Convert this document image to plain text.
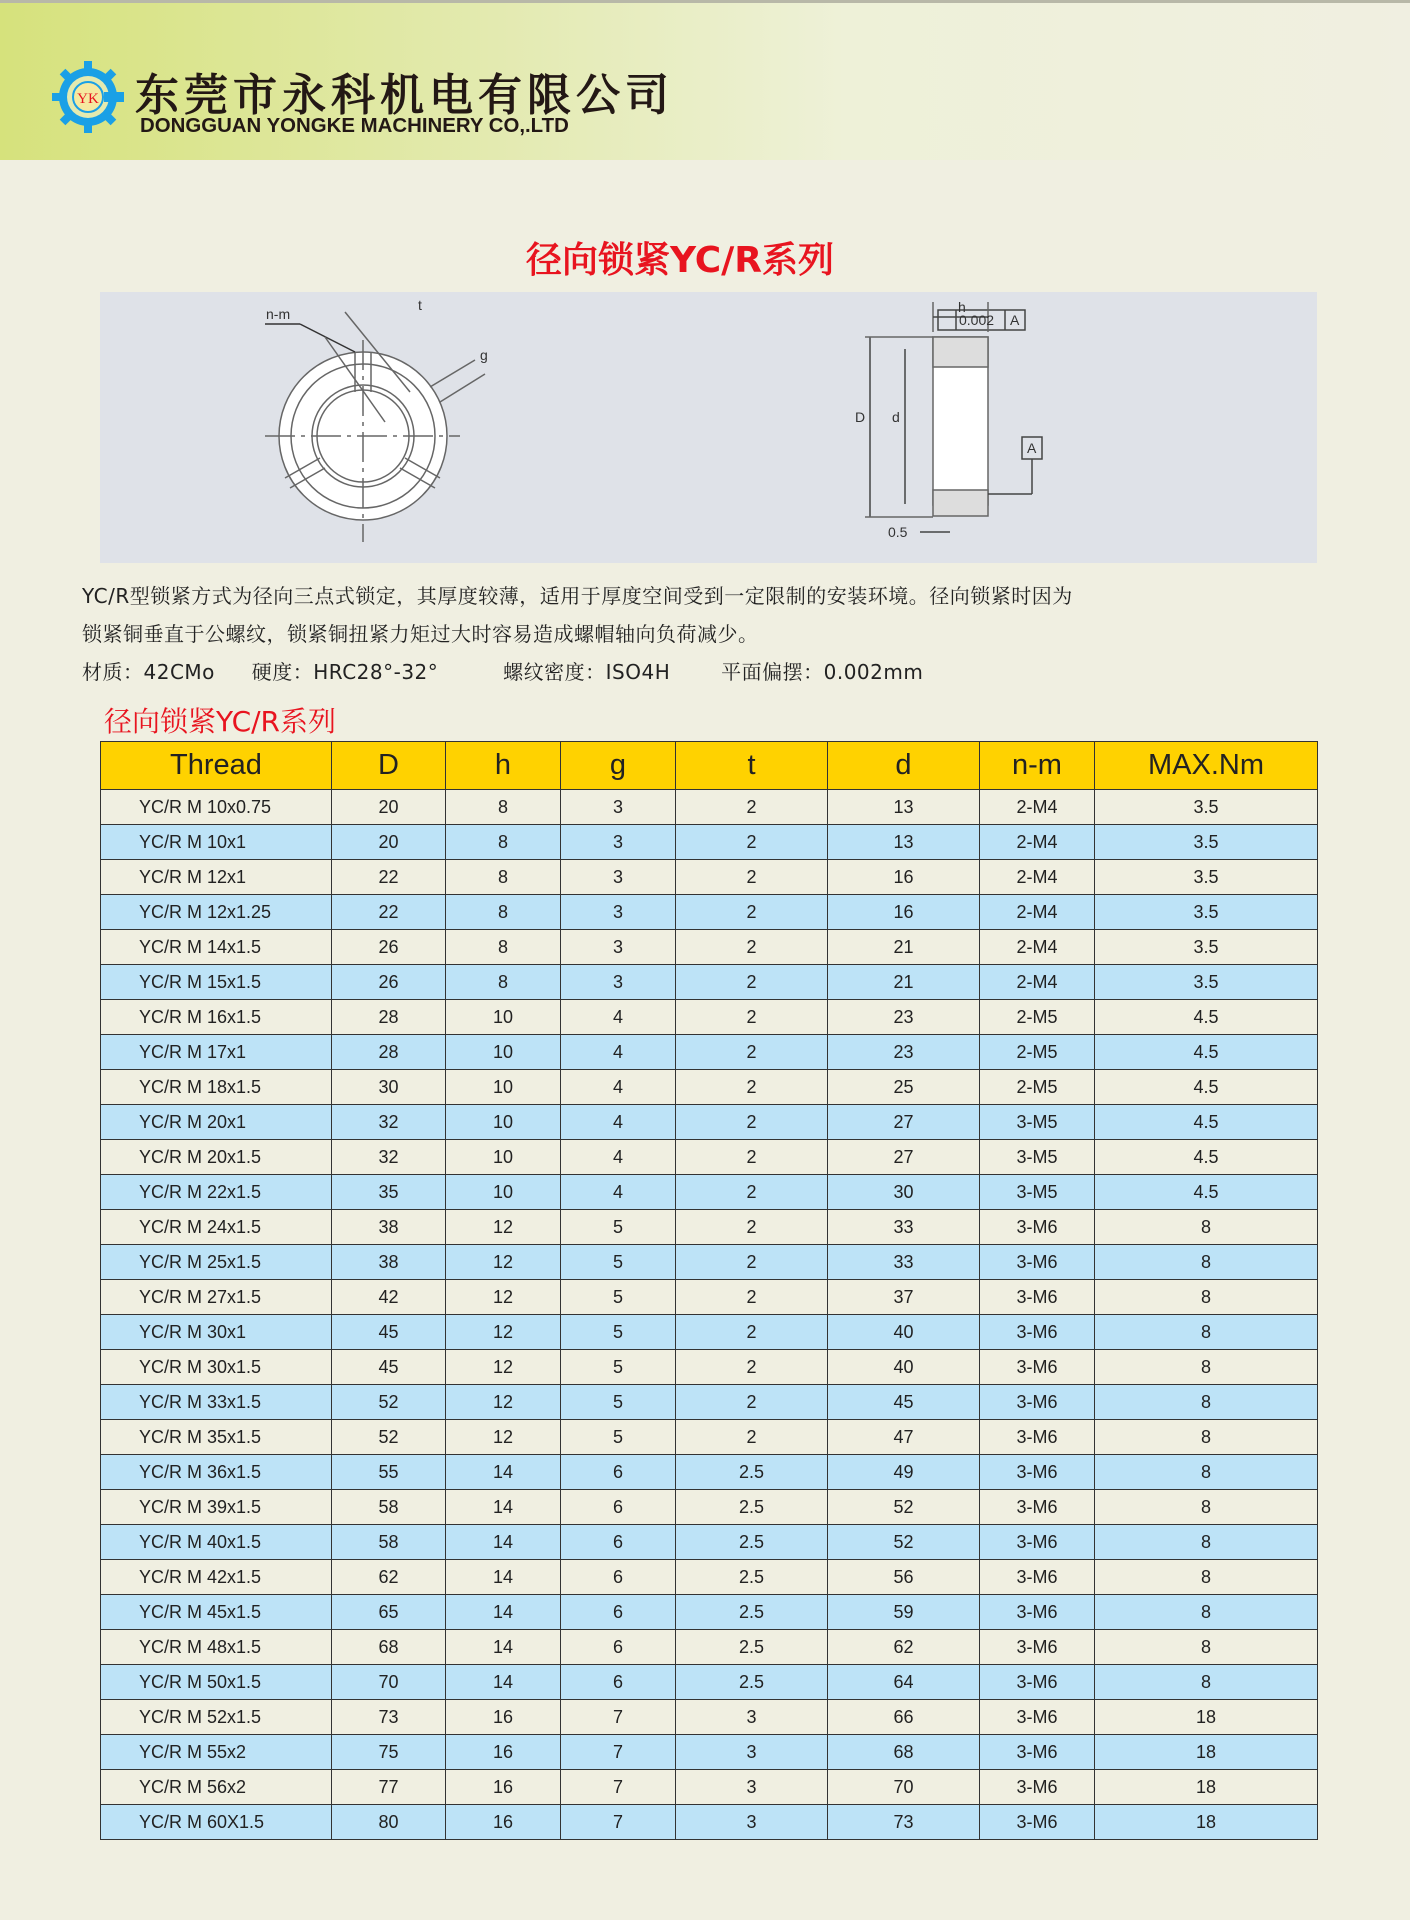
YK 东莞市永科机电有限公司
DONGGUAN YONGKE MACHINERY CO,.LTD
径向锁紧YC/R系列
n-m
t
g
0.002 A
h
D d
A
0.5
YC/R型锁紧方式为径向三点式锁定，其厚度较薄，适用于厚度空间受到一定限制的安装环境。径向锁紧时因为
锁紧铜垂直于公螺纹，锁紧铜扭紧力矩过大时容易造成螺帽轴向负荷减少。
材质：42CMo 硬度：HRC28°-32°	螺纹密度：ISO4H	平面偏摆：0.002mm
径向锁紧YC/R系列
Thread	D	h	g	t	d	n-m	MAX.Nm
YC/R M 10x0.75	20	8	3	2	13	2-M4	3.5
YC/R M 10x1	20	8	3	2	13	2-M4	3.5
YC/R M 12x1	22	8	3	2	16	2-M4	3.5
YC/R M 12x1.25	22	8	3	2	16	2-M4	3.5
YC/R M 14x1.5	26	8	3	2	21	2-M4	3.5
YC/R M 15x1.5	26	8	3	2	21	2-M4	3.5
YC/R M 16x1.5	28	10	4	2	23	2-M5	4.5
YC/R M 17x1	28	10	4	2	23	2-M5	4.5
YC/R M 18x1.5	30	10	4	2	25	2-M5	4.5
YC/R M 20x1	32	10	4	2	27	3-M5	4.5
YC/R M 20x1.5	32	10	4	2	27	3-M5	4.5
YC/R M 22x1.5	35	10	4	2	30	3-M5	4.5
YC/R M 24x1.5	38	12	5	2	33	3-M6	8
YC/R M 25x1.5	38	12	5	2	33	3-M6	8
YC/R M 27x1.5	42	12	5	2	37	3-M6	8
YC/R M 30x1	45	12	5	2	40	3-M6	8
YC/R M 30x1.5	45	12	5	2	40	3-M6	8
YC/R M 33x1.5	52	12	5	2	45	3-M6	8
YC/R M 35x1.5	52	12	5	2	47	3-M6	8
YC/R M 36x1.5	55	14	6	2.5	49	3-M6	8
YC/R M 39x1.5	58	14	6	2.5	52	3-M6	8
YC/R M 40x1.5	58	14	6	2.5	52	3-M6	8
YC/R M 42x1.5	62	14	6	2.5	56	3-M6	8
YC/R M 45x1.5	65	14	6	2.5	59	3-M6	8
YC/R M 48x1.5	68	14	6	2.5	62	3-M6	8
YC/R M 50x1.5	70	14	6	2.5	64	3-M6	8
YC/R M 52x1.5	73	16	7	3	66	3-M6	18
YC/R M 55x2	75	16	7	3	68	3-M6	18
YC/R M 56x2	77	16	7	3	70	3-M6	18
YC/R M 60X1.5	80	16	7	3	73	3-M6	18
